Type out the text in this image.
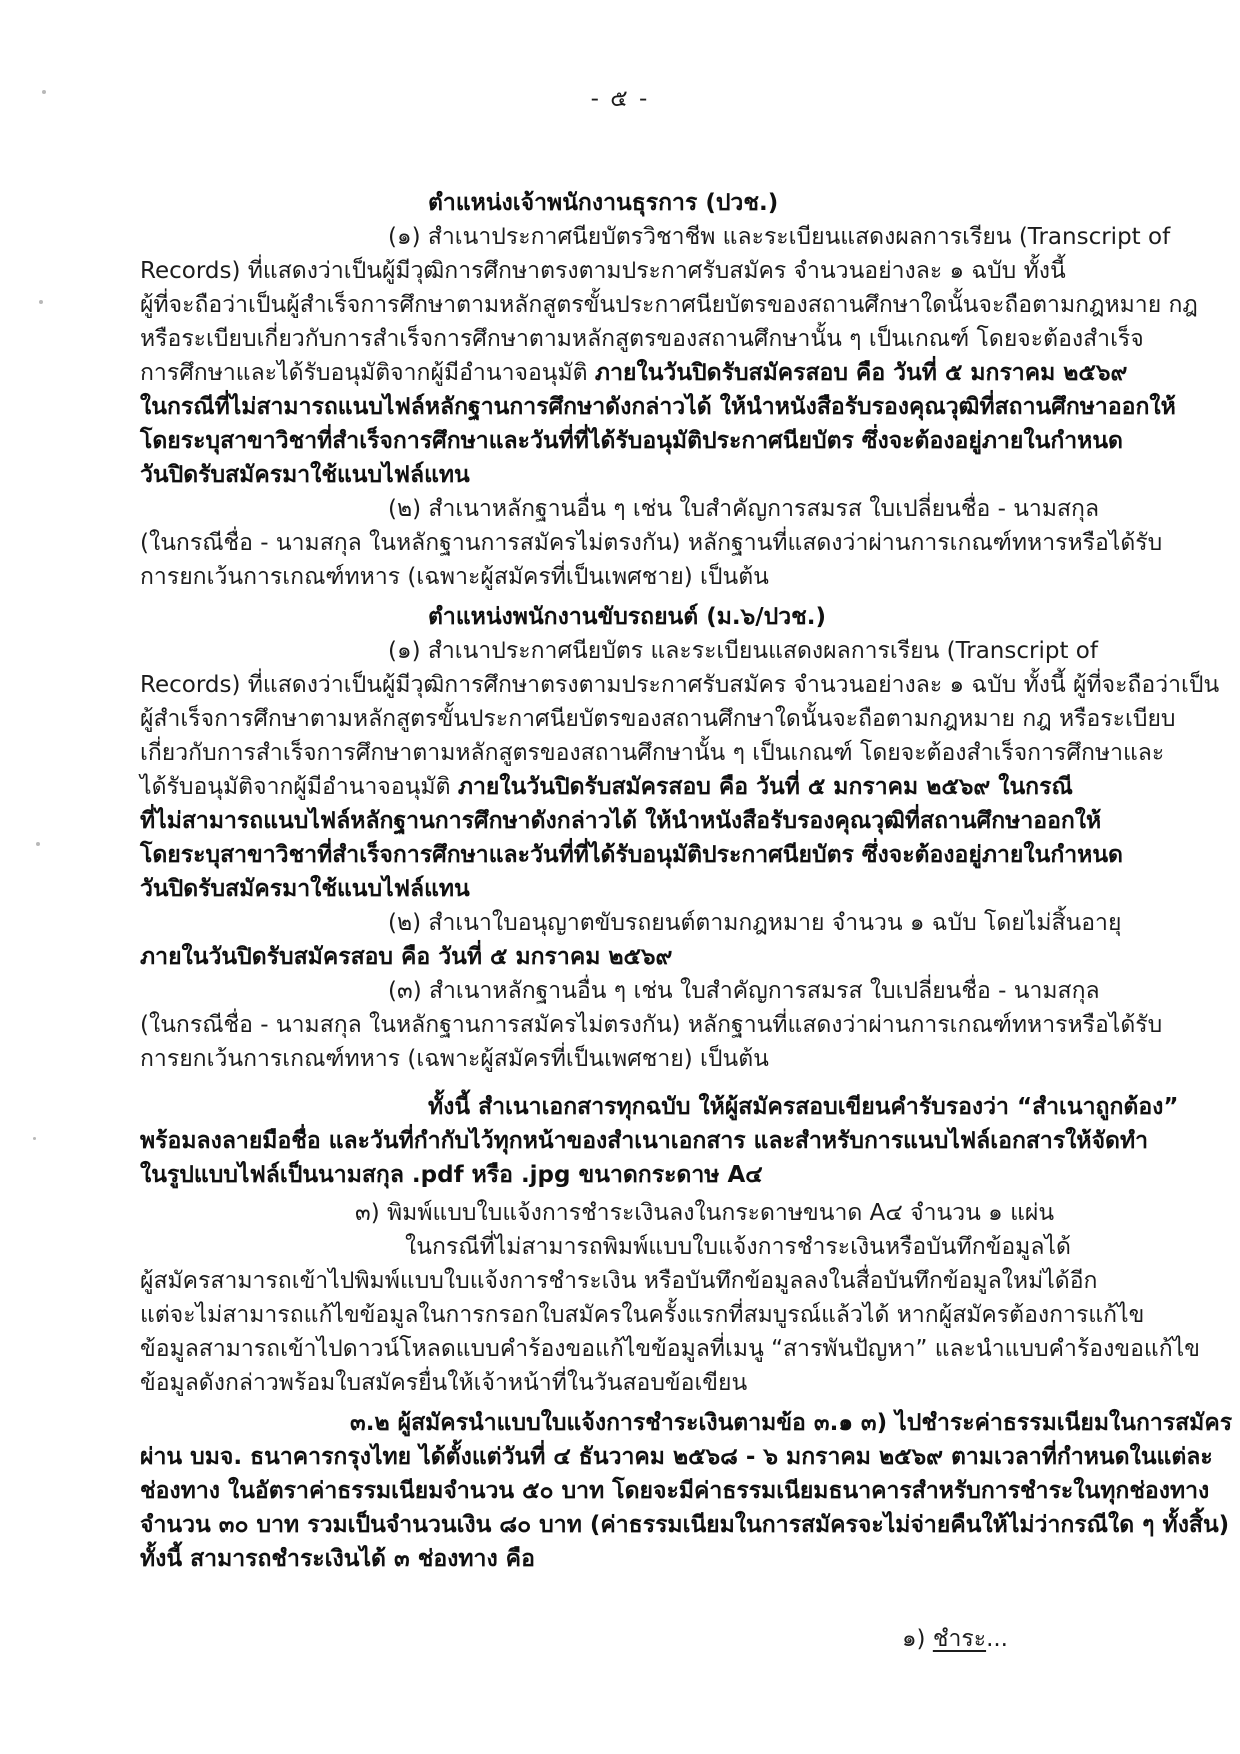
- ๕ -
ตำแหน่งเจ้าพนักงานธุรการ (ปวช.)
(๑) สำเนาประกาศนียบัตรวิชาชีพ และระเบียนแสดงผลการเรียน (Transcript of
Records) ที่แสดงว่าเป็นผู้มีวุฒิการศึกษาตรงตามประกาศรับสมัคร จำนวนอย่างละ ๑ ฉบับ ทั้งนี้
ผู้ที่จะถือว่าเป็นผู้สำเร็จการศึกษาตามหลักสูตรขั้นประกาศนียบัตรของสถานศึกษาใดนั้นจะถือตามกฎหมาย กฎ
หรือระเบียบเกี่ยวกับการสำเร็จการศึกษาตามหลักสูตรของสถานศึกษานั้น ๆ เป็นเกณฑ์ โดยจะต้องสำเร็จ
การศึกษาและได้รับอนุมัติจากผู้มีอำนาจอนุมัติ ภายในวันปิดรับสมัครสอบ คือ วันที่ ๕ มกราคม ๒๕๖๙
ในกรณีที่ไม่สามารถแนบไฟล์หลักฐานการศึกษาดังกล่าวได้ ให้นำหนังสือรับรองคุณวุฒิที่สถานศึกษาออกให้
โดยระบุสาขาวิชาที่สำเร็จการศึกษาและวันที่ที่ได้รับอนุมัติประกาศนียบัตร ซึ่งจะต้องอยู่ภายในกำหนด
วันปิดรับสมัครมาใช้แนบไฟล์แทน
(๒) สำเนาหลักฐานอื่น ๆ เช่น ใบสำคัญการสมรส ใบเปลี่ยนชื่อ - นามสกุล
(ในกรณีชื่อ - นามสกุล ในหลักฐานการสมัครไม่ตรงกัน) หลักฐานที่แสดงว่าผ่านการเกณฑ์ทหารหรือได้รับ
การยกเว้นการเกณฑ์ทหาร (เฉพาะผู้สมัครที่เป็นเพศชาย) เป็นต้น
ตำแหน่งพนักงานขับรถยนต์ (ม.๖/ปวช.)
(๑) สำเนาประกาศนียบัตร และระเบียนแสดงผลการเรียน (Transcript of
Records) ที่แสดงว่าเป็นผู้มีวุฒิการศึกษาตรงตามประกาศรับสมัคร จำนวนอย่างละ ๑ ฉบับ ทั้งนี้ ผู้ที่จะถือว่าเป็น
ผู้สำเร็จการศึกษาตามหลักสูตรขั้นประกาศนียบัตรของสถานศึกษาใดนั้นจะถือตามกฎหมาย กฎ หรือระเบียบ
เกี่ยวกับการสำเร็จการศึกษาตามหลักสูตรของสถานศึกษานั้น ๆ เป็นเกณฑ์ โดยจะต้องสำเร็จการศึกษาและ
ได้รับอนุมัติจากผู้มีอำนาจอนุมัติ ภายในวันปิดรับสมัครสอบ คือ วันที่ ๕ มกราคม ๒๕๖๙ ในกรณี
ที่ไม่สามารถแนบไฟล์หลักฐานการศึกษาดังกล่าวได้ ให้นำหนังสือรับรองคุณวุฒิที่สถานศึกษาออกให้
โดยระบุสาขาวิชาที่สำเร็จการศึกษาและวันที่ที่ได้รับอนุมัติประกาศนียบัตร ซึ่งจะต้องอยู่ภายในกำหนด
วันปิดรับสมัครมาใช้แนบไฟล์แทน
(๒) สำเนาใบอนุญาตขับรถยนต์ตามกฎหมาย จำนวน ๑ ฉบับ โดยไม่สิ้นอายุ
ภายในวันปิดรับสมัครสอบ คือ วันที่ ๕ มกราคม ๒๕๖๙
(๓) สำเนาหลักฐานอื่น ๆ เช่น ใบสำคัญการสมรส ใบเปลี่ยนชื่อ - นามสกุล
(ในกรณีชื่อ - นามสกุล ในหลักฐานการสมัครไม่ตรงกัน) หลักฐานที่แสดงว่าผ่านการเกณฑ์ทหารหรือได้รับ
การยกเว้นการเกณฑ์ทหาร (เฉพาะผู้สมัครที่เป็นเพศชาย) เป็นต้น
ทั้งนี้ สำเนาเอกสารทุกฉบับ ให้ผู้สมัครสอบเขียนคำรับรองว่า “สำเนาถูกต้อง”
พร้อมลงลายมือชื่อ และวันที่กำกับไว้ทุกหน้าของสำเนาเอกสาร และสำหรับการแนบไฟล์เอกสารให้จัดทำ
ในรูปแบบไฟล์เป็นนามสกุล .pdf หรือ .jpg ขนาดกระดาษ A๔
๓) พิมพ์แบบใบแจ้งการชำระเงินลงในกระดาษขนาด A๔ จำนวน ๑ แผ่น
ในกรณีที่ไม่สามารถพิมพ์แบบใบแจ้งการชำระเงินหรือบันทึกข้อมูลได้
ผู้สมัครสามารถเข้าไปพิมพ์แบบใบแจ้งการชำระเงิน หรือบันทึกข้อมูลลงในสื่อบันทึกข้อมูลใหม่ได้อีก
แต่จะไม่สามารถแก้ไขข้อมูลในการกรอกใบสมัครในครั้งแรกที่สมบูรณ์แล้วได้ หากผู้สมัครต้องการแก้ไข
ข้อมูลสามารถเข้าไปดาวน์โหลดแบบคำร้องขอแก้ไขข้อมูลที่เมนู “สารพันปัญหา” และนำแบบคำร้องขอแก้ไข
ข้อมูลดังกล่าวพร้อมใบสมัครยื่นให้เจ้าหน้าที่ในวันสอบข้อเขียน
๓.๒ ผู้สมัครนำแบบใบแจ้งการชำระเงินตามข้อ ๓.๑ ๓) ไปชำระค่าธรรมเนียมในการสมัคร
ผ่าน บมจ. ธนาคารกรุงไทย ได้ตั้งแต่วันที่ ๔ ธันวาคม ๒๕๖๘ - ๖ มกราคม ๒๕๖๙ ตามเวลาที่กำหนดในแต่ละ
ช่องทาง ในอัตราค่าธรรมเนียมจำนวน ๕๐ บาท โดยจะมีค่าธรรมเนียมธนาคารสำหรับการชำระในทุกช่องทาง
จำนวน ๓๐ บาท รวมเป็นจำนวนเงิน ๘๐ บาท (ค่าธรรมเนียมในการสมัครจะไม่จ่ายคืนให้ไม่ว่ากรณีใด ๆ ทั้งสิ้น)
ทั้งนี้ สามารถชำระเงินได้ ๓ ช่องทาง คือ
๑) ชำระ...
